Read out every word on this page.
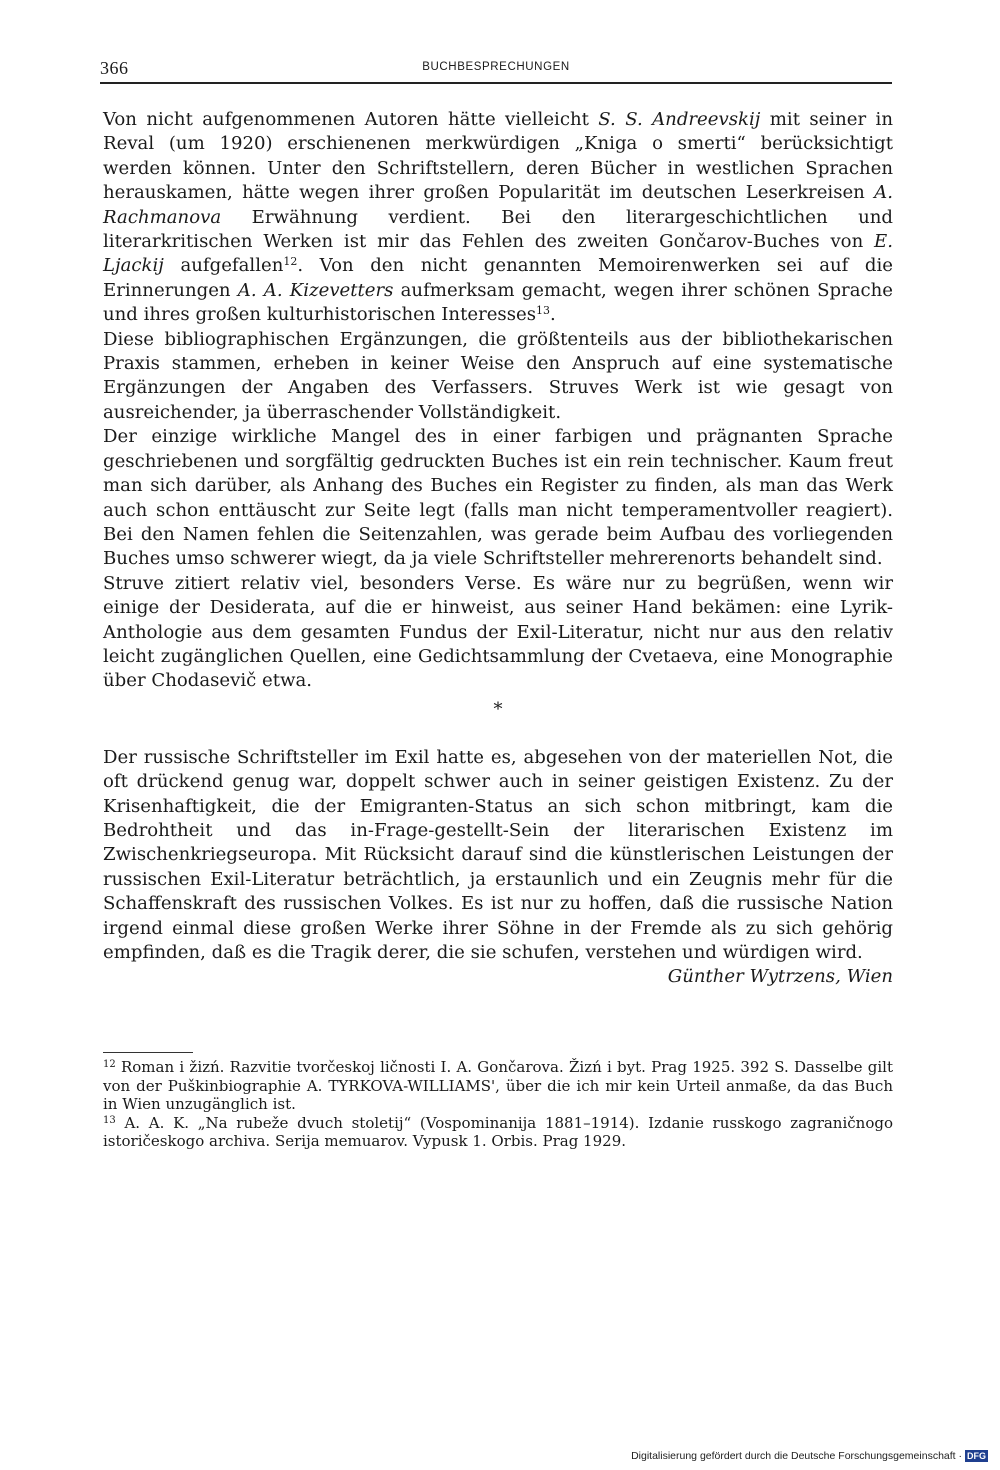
366	BUCHBESPRECHUNGEN

Von nicht aufgenommenen Autoren hätte vielleicht S. S. Andreevskij mit seiner in Reval (um 1920) erschienenen merkwürdigen „Kniga o smerti“ berücksichtigt werden können. Unter den Schriftstellern, deren Bücher in westlichen Sprachen herauskamen, hätte wegen ihrer großen Popularität im deutschen Leserkreisen A. Rachmanova Erwähnung verdient. Bei den literargeschichtlichen und literarkritischen Werken ist mir das Fehlen des zweiten Gončarov-Buches von E. Ljackij aufgefallen$^{12}$. Von den nicht genannten Memoirenwerken sei auf die Erinnerungen A. A. Kizevetters aufmerksam gemacht, wegen ihrer schönen Sprache und ihres großen kulturhistorischen Interesses$^{13}$.

Diese bibliographischen Ergänzungen, die größtenteils aus der bibliothekarischen Praxis stammen, erheben in keiner Weise den Anspruch auf eine systematische Ergänzungen der Angaben des Verfassers. Struves Werk ist wie gesagt von ausreichender, ja überraschender Vollständigkeit.

Der einzige wirkliche Mangel des in einer farbigen und prägnanten Sprache geschriebenen und sorgfältig gedruckten Buches ist ein rein technischer. Kaum freut man sich darüber, als Anhang des Buches ein Register zu finden, als man das Werk auch schon enttäuscht zur Seite legt (falls man nicht temperamentvoller reagiert). Bei den Namen fehlen die Seitenzahlen, was gerade beim Aufbau des vorliegenden Buches umso schwerer wiegt, da ja viele Schriftsteller mehrerenorts behandelt sind.

Struve zitiert relativ viel, besonders Verse. Es wäre nur zu begrüßen, wenn wir einige der Desiderata, auf die er hinweist, aus seiner Hand bekämen: eine Lyrik-Anthologie aus dem gesamten Fundus der Exil-Literatur, nicht nur aus den relativ leicht zugänglichen Quellen, eine Gedichtsammlung der Cvetaeva, eine Monographie über Chodasevič etwa.

*

Der russische Schriftsteller im Exil hatte es, abgesehen von der materiellen Not, die oft drückend genug war, doppelt schwer auch in seiner geistigen Existenz. Zu der Krisenhaftigkeit, die der Emigranten-Status an sich schon mitbringt, kam die Bedrohtheit und das in-Frage-gestellt-Sein der literarischen Existenz im Zwischenkriegseuropa. Mit Rücksicht darauf sind die künstlerischen Leistungen der russischen Exil-Literatur beträchtlich, ja erstaunlich und ein Zeugnis mehr für die Schaffenskraft des russischen Volkes. Es ist nur zu hoffen, daß die russische Nation irgend einmal diese großen Werke ihrer Söhne in der Fremde als zu sich gehörig empfinden, daß es die Tragik derer, die sie schufen, verstehen und würdigen wird.

Günther Wytrzens, Wien

$^{12}$ Roman i žizń. Razvitie tvorčeskoj ličnosti I. A. Gončarova. Žizń i byt. Prag 1925. 392 S. Dasselbe gilt von der Puškinbiographie A. TYRKOVA-WILLIAMS', über die ich mir kein Urteil anmaße, da das Buch in Wien unzugänglich ist.

$^{13}$ A. A. K. „Na rubeže dvuch stoletij“ (Vospominanija 1881–1914). Izdanie russkogo zagraničnogo istoričeskogo archiva. Serija memuarov. Vypusk 1. Orbis. Prag 1929.

Digitalisierung gefördert durch die Deutsche Forschungsgemeinschaft · DFG
